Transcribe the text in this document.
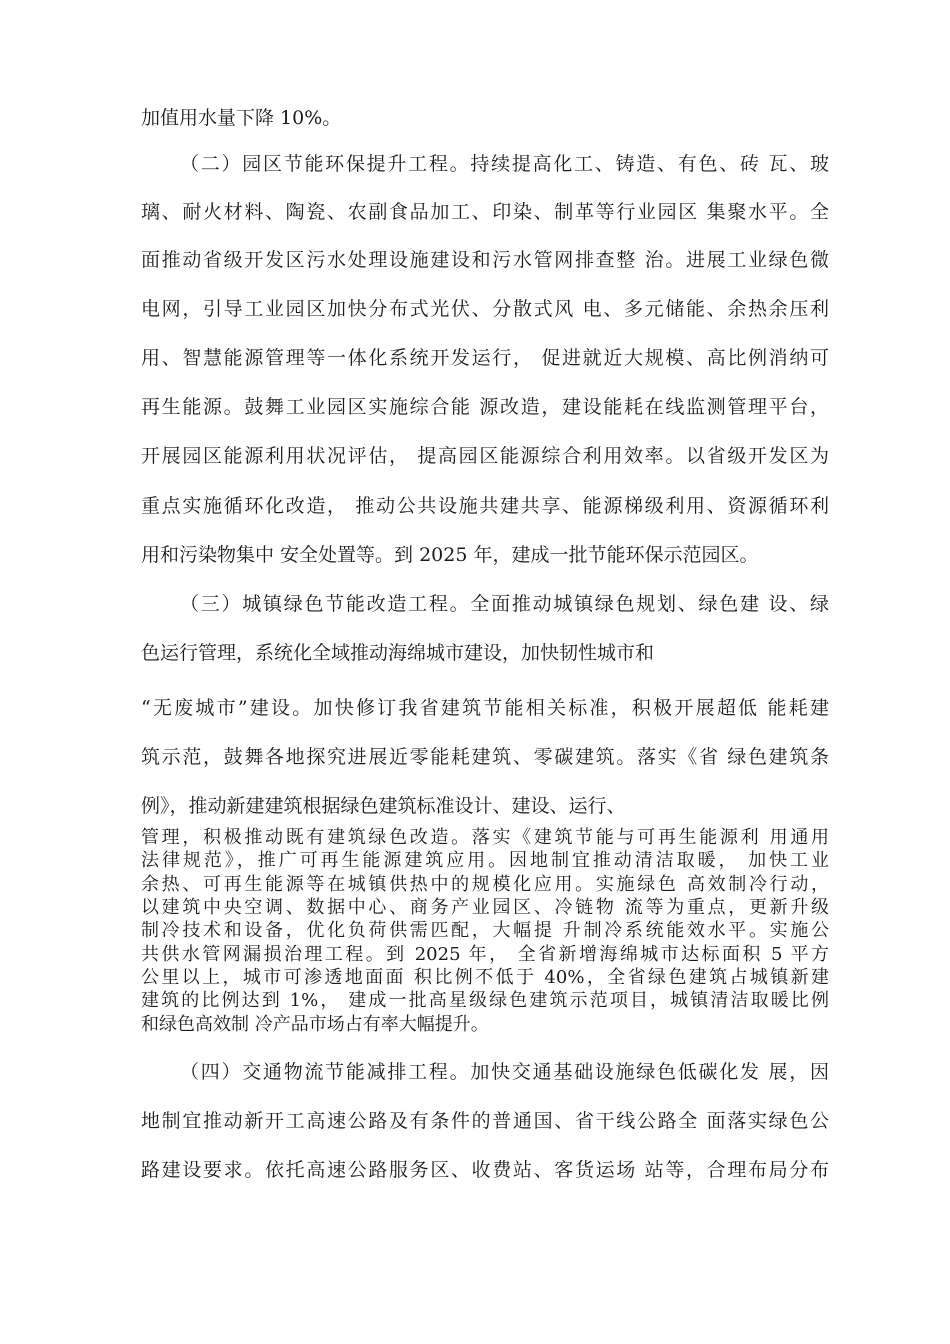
加值用水量下降 10%。
（二）园区节能环保提升工程。持续提高化工、铸造、有色、砖 瓦、玻
璃、耐火材料、陶瓷、农副食品加工、印染、制革等行业园区 集聚水平。全
面推动省级开发区污水处理设施建设和污水管网排查整 治。进展工业绿色微
电网，引导工业园区加快分布式光伏、分散式风 电、多元储能、余热余压利
用、智慧能源管理等一体化系统开发运行， 促进就近大规模、高比例消纳可
再生能源。鼓舞工业园区实施综合能 源改造，建设能耗在线监测管理平台，
开展园区能源利用状况评估， 提高园区能源综合利用效率。以省级开发区为
重点实施循环化改造， 推动公共设施共建共享、能源梯级利用、资源循环利
用和污染物集中 安全处置等。到 2025 年，建成一批节能环保示范园区。
（三）城镇绿色节能改造工程。全面推动城镇绿色规划、绿色建 设、绿
色运行管理，系统化全域推动海绵城市建设，加快韧性城市和
“无废城市”建设。加快修订我省建筑节能相关标准，积极开展超低 能耗建
筑示范，鼓舞各地探究进展近零能耗建筑、零碳建筑。落实《省 绿色建筑条
例》，推动新建建筑根据绿色建筑标准设计、建设、运行、
管理，积极推动既有建筑绿色改造。落实《建筑节能与可再生能源利 用通用
法律规范》，推广可再生能源建筑应用。因地制宜推动清洁取暖， 加快工业
余热、可再生能源等在城镇供热中的规模化应用。实施绿色 高效制冷行动，
以建筑中央空调、数据中心、商务产业园区、冷链物 流等为重点，更新升级
制冷技术和设备，优化负荷供需匹配，大幅提 升制冷系统能效水平。实施公
共供水管网漏损治理工程。到 2025 年， 全省新增海绵城市达标面积 5 平方
公里以上，城市可渗透地面面 积比例不低于 40%，全省绿色建筑占城镇新建
建筑的比例达到 1%， 建成一批高星级绿色建筑示范项目，城镇清洁取暖比例
和绿色高效制 冷产品市场占有率大幅提升。
（四）交通物流节能减排工程。加快交通基础设施绿色低碳化发 展，因
地制宜推动新开工高速公路及有条件的普通国、省干线公路全 面落实绿色公
路建设要求。依托高速公路服务区、收费站、客货运场 站等，合理布局分布
